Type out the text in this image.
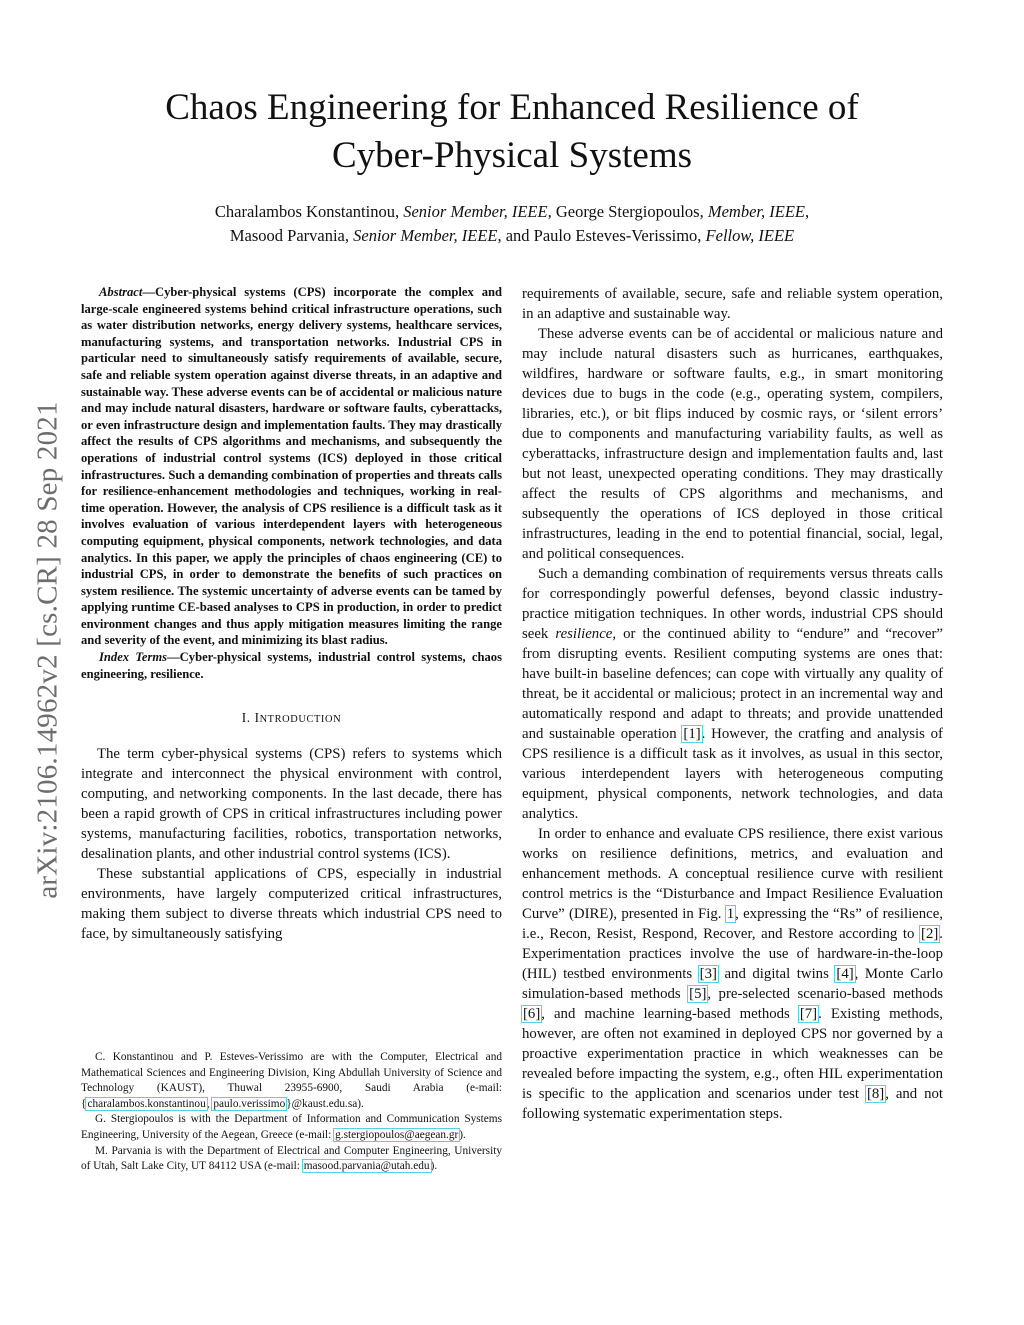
arXiv:2106.14962v2 [cs.CR] 28 Sep 2021
Chaos Engineering for Enhanced Resilience of
Cyber-Physical Systems
Charalambos Konstantinou, Senior Member, IEEE, George Stergiopoulos, Member, IEEE,
Masood Parvania, Senior Member, IEEE, and Paulo Esteves-Verissimo, Fellow, IEEE

Abstract—Cyber-physical systems (CPS) incorporate the complex and large-scale engineered systems behind critical infrastructure operations, such as water distribution networks, energy delivery systems, healthcare services, manufacturing systems, and transportation networks. Industrial CPS in particular need to simultaneously satisfy requirements of available, secure, safe and reliable system operation against diverse threats, in an adaptive and sustainable way. These adverse events can be of accidental or malicious nature and may include natural disasters, hardware or software faults, cyberattacks, or even infrastructure design and implementation faults. They may drastically affect the results of CPS algorithms and mechanisms, and subsequently the operations of industrial control systems (ICS) deployed in those critical infrastructures. Such a demanding combination of properties and threats calls for resilience-enhancement methodologies and techniques, working in real-time operation. However, the analysis of CPS resilience is a difficult task as it involves evaluation of various interdependent layers with heterogeneous computing equipment, physical components, network technologies, and data analytics. In this paper, we apply the principles of chaos engineering (CE) to industrial CPS, in order to demonstrate the benefits of such practices on system resilience. The systemic uncertainty of adverse events can be tamed by applying runtime CE-based analyses to CPS in production, in order to predict environment changes and thus apply mitigation measures limiting the range and severity of the event, and minimizing its blast radius.

Index Terms—Cyber-physical systems, industrial control systems, chaos engineering, resilience.

I. INTRODUCTION

The term cyber-physical systems (CPS) refers to systems which integrate and interconnect the physical environment with control, computing, and networking components. In the last decade, there has been a rapid growth of CPS in critical infrastructures including power systems, manufacturing facilities, robotics, transportation networks, desalination plants, and other industrial control systems (ICS).

These substantial applications of CPS, especially in industrial environments, have largely computerized critical infrastructures, making them subject to diverse threats which industrial CPS need to face, by simultaneously satisfying

C. Konstantinou and P. Esteves-Verissimo are with the Computer, Electrical and Mathematical Sciences and Engineering Division, King Abdullah University of Science and Technology (KAUST), Thuwal 23955-6900, Saudi Arabia (e-mail: {charalambos.konstantinou, paulo.verissimo}@kaust.edu.sa).

G. Stergiopoulos is with the Department of Information and Communication Systems Engineering, University of the Aegean, Greece (e-mail: g.stergiopoulos@aegean.gr).

M. Parvania is with the Department of Electrical and Computer Engineering, University of Utah, Salt Lake City, UT 84112 USA (e-mail: masood.parvania@utah.edu).

requirements of available, secure, safe and reliable system operation, in an adaptive and sustainable way.

These adverse events can be of accidental or malicious nature and may include natural disasters such as hurricanes, earthquakes, wildfires, hardware or software faults, e.g., in smart monitoring devices due to bugs in the code (e.g., operating system, compilers, libraries, etc.), or bit flips induced by cosmic rays, or ‘silent errors’ due to components and manufacturing variability faults, as well as cyberattacks, infrastructure design and implementation faults and, last but not least, unexpected operating conditions. They may drastically affect the results of CPS algorithms and mechanisms, and subsequently the operations of ICS deployed in those critical infrastructures, leading in the end to potential financial, social, legal, and political consequences.

Such a demanding combination of requirements versus threats calls for correspondingly powerful defenses, beyond classic industry-practice mitigation techniques. In other words, industrial CPS should seek resilience, or the continued ability to “endure” and “recover” from disrupting events. Resilient computing systems are ones that: have built-in baseline defences; can cope with virtually any quality of threat, be it accidental or malicious; protect in an incremental way and automatically respond and adapt to threats; and provide unattended and sustainable operation [1]. However, the cratfing and analysis of CPS resilience is a difficult task as it involves, as usual in this sector, various interdependent layers with heterogeneous computing equipment, physical components, network technologies, and data analytics.

In order to enhance and evaluate CPS resilience, there exist various works on resilience definitions, metrics, and evaluation and enhancement methods. A conceptual resilience curve with resilient control metrics is the “Disturbance and Impact Resilience Evaluation Curve” (DIRE), presented in Fig. 1, expressing the “Rs” of resilience, i.e., Recon, Resist, Respond, Recover, and Restore according to [2]. Experimentation practices involve the use of hardware-in-the-loop (HIL) testbed environments [3] and digital twins [4], Monte Carlo simulation-based methods [5], pre-selected scenario-based methods [6], and machine learning-based methods [7]. Existing methods, however, are often not examined in deployed CPS nor governed by a proactive experimentation practice in which weaknesses can be revealed before impacting the system, e.g., often HIL experimentation is specific to the application and scenarios under test [8], and not following systematic experimentation steps.
